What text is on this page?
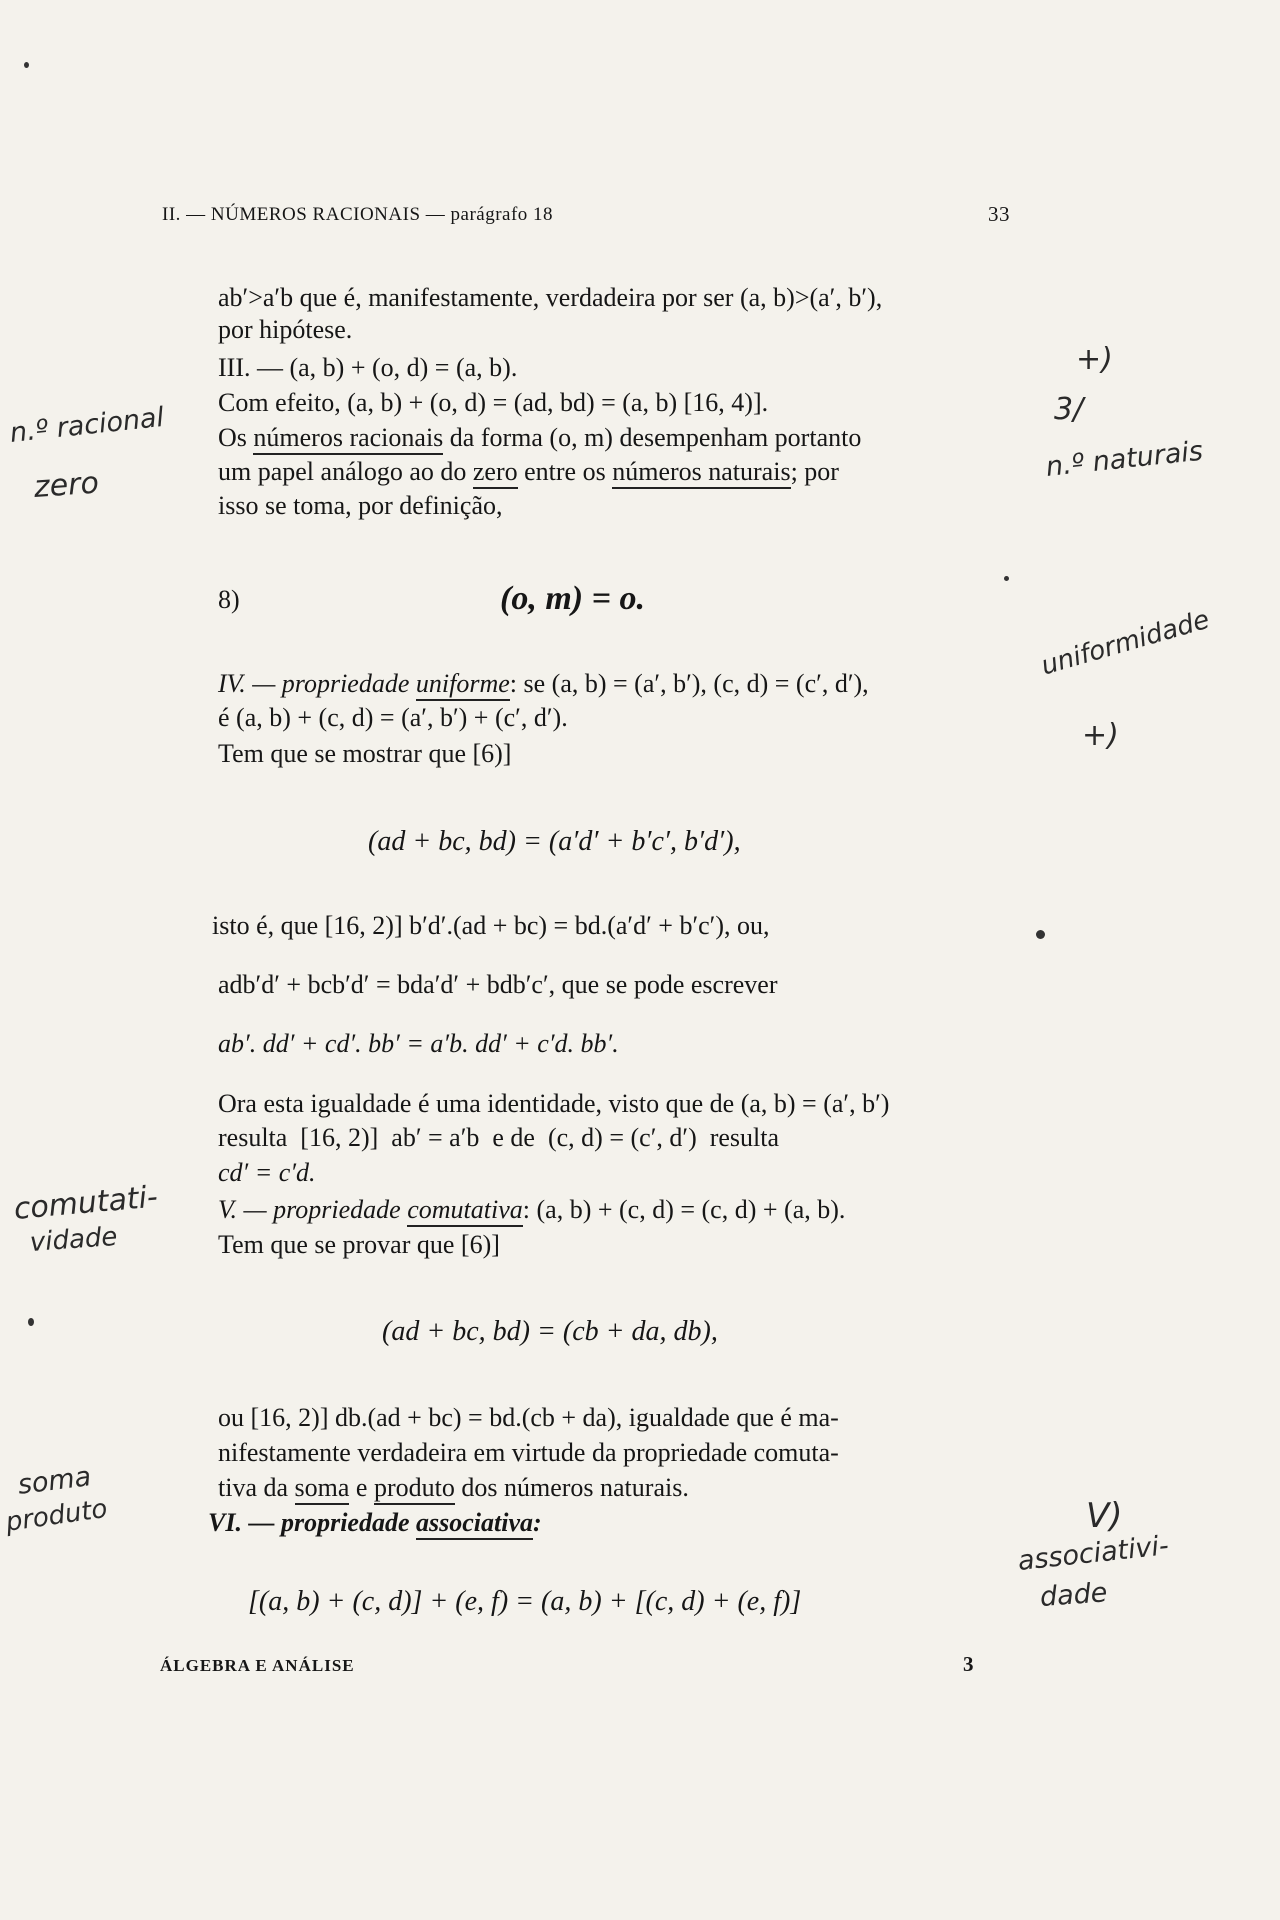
II. — NÚMEROS RACIONAIS — parágrafo 18	33
ab′>a′b que é, manifestamente, verdadeira por ser (a, b)>(a′, b′),
por hipótese.
III. — (a, b) + (o, d) = (a, b).
Com efeito, (a, b) + (o, d) = (ad, bd) = (a, b) [16, 4)].
Os números racionais da forma (o, m) desempenham portanto
um papel análogo ao do zero entre os números naturais; por
isso se toma, por definição,
8)	(o, m) = o.
IV. — propriedade uniforme: se (a, b) = (a′, b′), (c, d) = (c′, d′),
é (a, b) + (c, d) = (a′, b′) + (c′, d′).
Tem que se mostrar que [6)]
(ad + bc, bd) = (a′d′ + b′c′, b′d′),
isto é, que [16, 2)] b′d′.(ad + bc) = bd.(a′d′ + b′c′), ou,
adb′d′ + bcb′d′ = bda′d′ + bdb′c′, que se pode escrever
ab′. dd′ + cd′. bb′ = a′b. dd′ + c′d. bb′.
Ora esta igualdade é uma identidade, visto que de (a, b) = (a′, b′)
resulta  [16, 2)]  ab′ = a′b  e de  (c, d) = (c′, d′)  resulta
cd′ = c′d.
V. — propriedade comutativa: (a, b) + (c, d) = (c, d) + (a, b).
Tem que se provar que [6)]
(ad + bc, bd) = (cb + da, db),
ou [16, 2)] db.(ad + bc) = bd.(cb + da), igualdade que é ma-
nifestamente verdadeira em virtude da propriedade comuta-
tiva da soma e produto dos números naturais.
VI. — propriedade associativa:
[(a, b) + (c, d)] + (e, f) = (a, b) + [(c, d) + (e, f)]
ÁLGEBRA E ANÁLISE	3
n.º racional
zero
+)
3/
n.º naturais
uniformidade
+)
comutati-
vidade
soma
produto	V)
associativi-
dade
